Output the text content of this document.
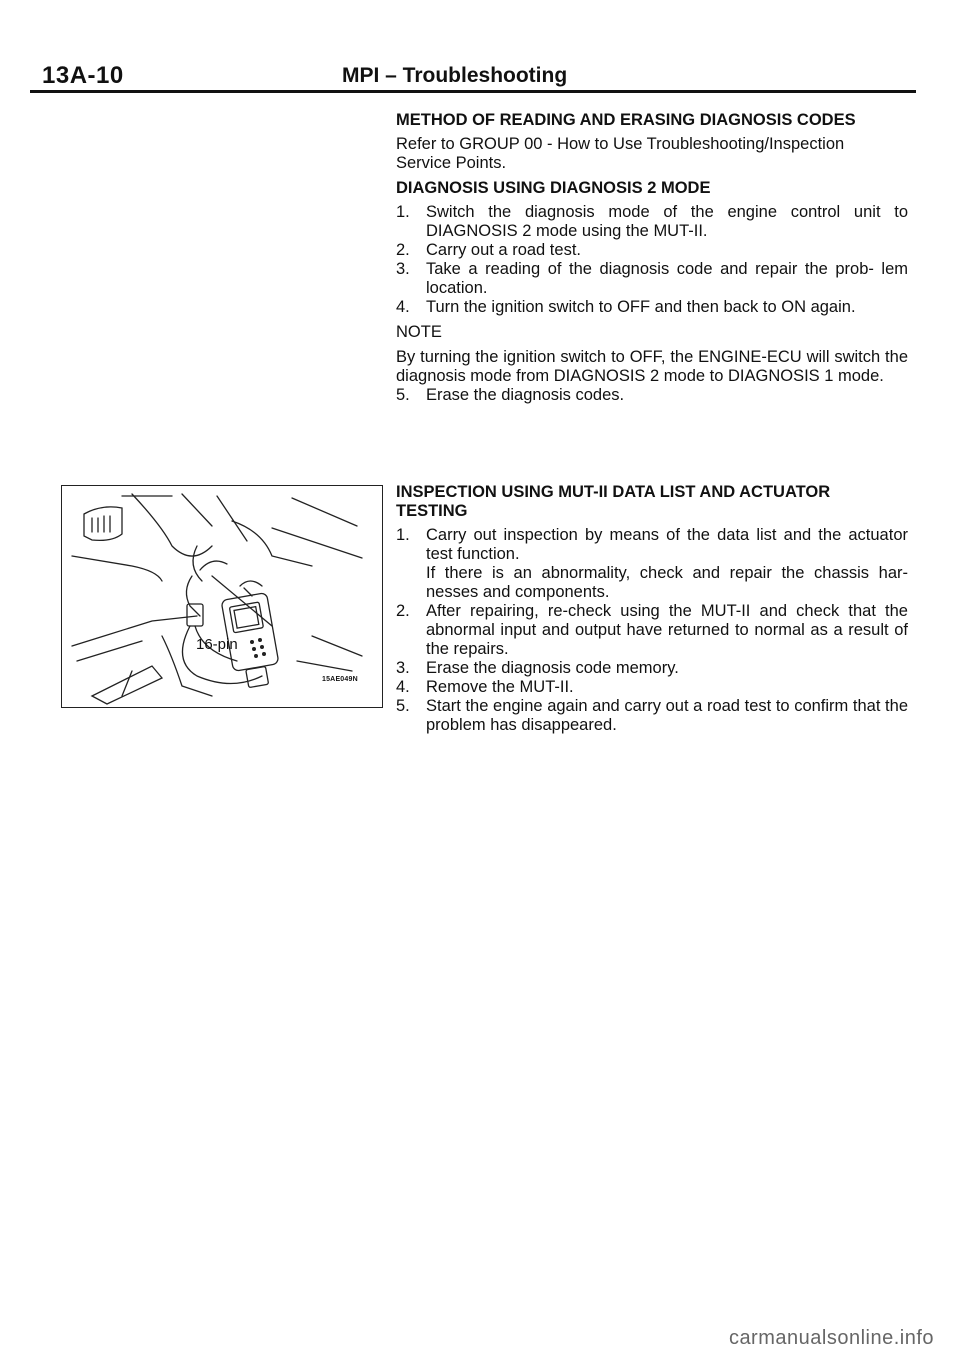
13A-10	MPI – Troubleshooting
METHOD OF READING AND ERASING DIAGNOSIS CODES
Refer to GROUP 00 - How to Use Troubleshooting/Inspection Service Points.
DIAGNOSIS USING DIAGNOSIS 2 MODE
1. Switch the diagnosis mode of the engine control unit to DIAGNOSIS 2 mode using the MUT-II.
2. Carry out a road test.
3. Take a reading of the diagnosis code and repair the prob- lem location.
4. Turn the ignition switch to OFF and then back to ON again.
NOTE
By turning the ignition switch to OFF, the ENGINE-ECU will switch the diagnosis mode from DIAGNOSIS 2 mode to DIAGNOSIS 1 mode.
5. Erase the diagnosis codes.
INSPECTION USING MUT-II DATA LIST AND ACTUATOR TESTING
1. Carry out inspection by means of the data list and the actuator test function.
If there is an abnormality, check and repair the chassis har- nesses and components.
2. After repairing, re-check using the MUT-II and check that the abnormal input and output have returned to normal as a result of the repairs.
3. Erase the diagnosis code memory.
4. Remove the MUT-II.
5. Start the engine again and carry out a road test to confirm that the problem has disappeared.
16-pin
15AE049N
carmanualsonline.info
